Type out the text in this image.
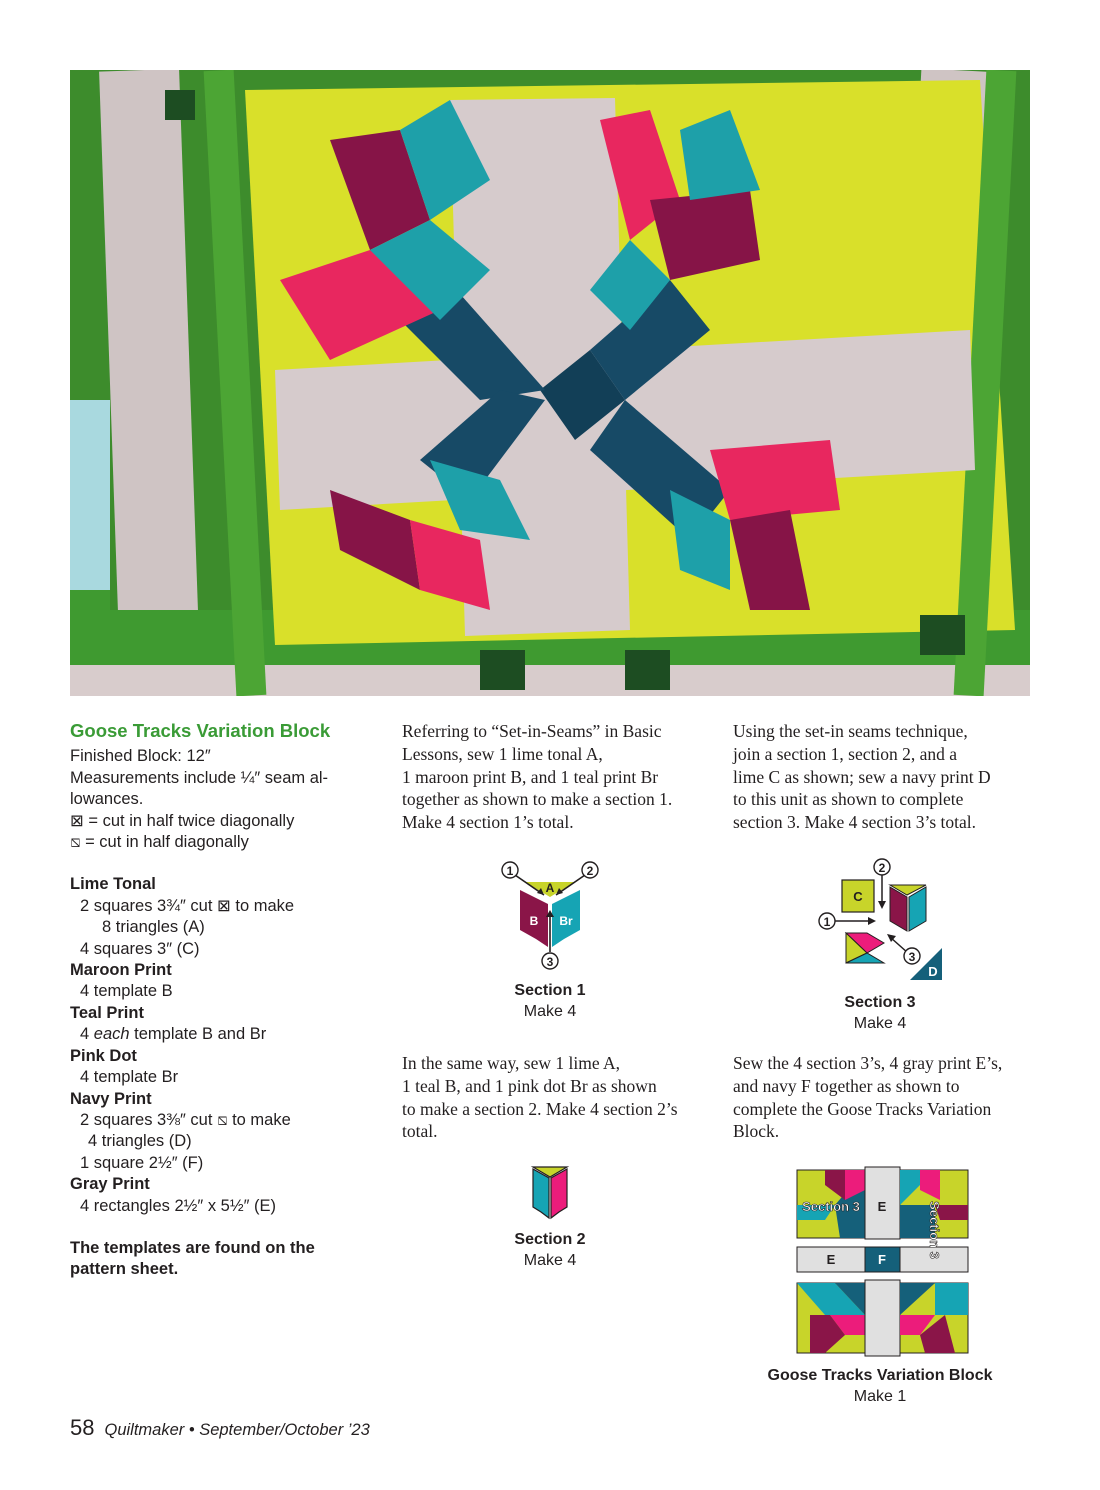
Goose Tracks Variation Block
Finished Block: 12″
Measurements include ¼″ seam al-
lowances.
⊠ = cut in half twice diagonally
⧅ = cut in half diagonally
Lime Tonal
2 squares 3¾″ cut ⊠ to make
8 triangles (A)
4 squares 3″ (C)
Maroon Print
4 template B
Teal Print
4 each template B and Br
Pink Dot
4 template Br
Navy Print
2 squares 3⅜″ cut ⧅ to make
4 triangles (D)
1 square 2½″ (F)
Gray Print
4 rectangles 2½″ x 5½″ (E)
The templates are found on the
pattern sheet.
Referring to “Set-in-Seams” in Basic
Lessons, sew 1 lime tonal A,
1 maroon print B, and 1 teal print Br
together as shown to make a section 1.
Make 4 section 1’s total.
1	2
3
A
B Br
Section 1
Make 4
In the same way, sew 1 lime A,
1 teal B, and 1 pink dot Br as shown
to make a section 2. Make 4 section 2’s
total.
Section 2
Make 4
Using the set-in seams technique,
join a section 1, section 2, and a
lime C as shown; sew a navy print D
to this unit as shown to complete
section 3. Make 4 section 3’s total.
2
1
3
C
D
Section 3
Make 4
Sew the 4 section 3’s, 4 gray print E’s,
and navy F together as shown to
complete the Goose Tracks Variation
Block.
Section 3 E	Section 3
E	F
Goose Tracks Variation Block
Make 1
58 Quiltmaker • September/October ’23
